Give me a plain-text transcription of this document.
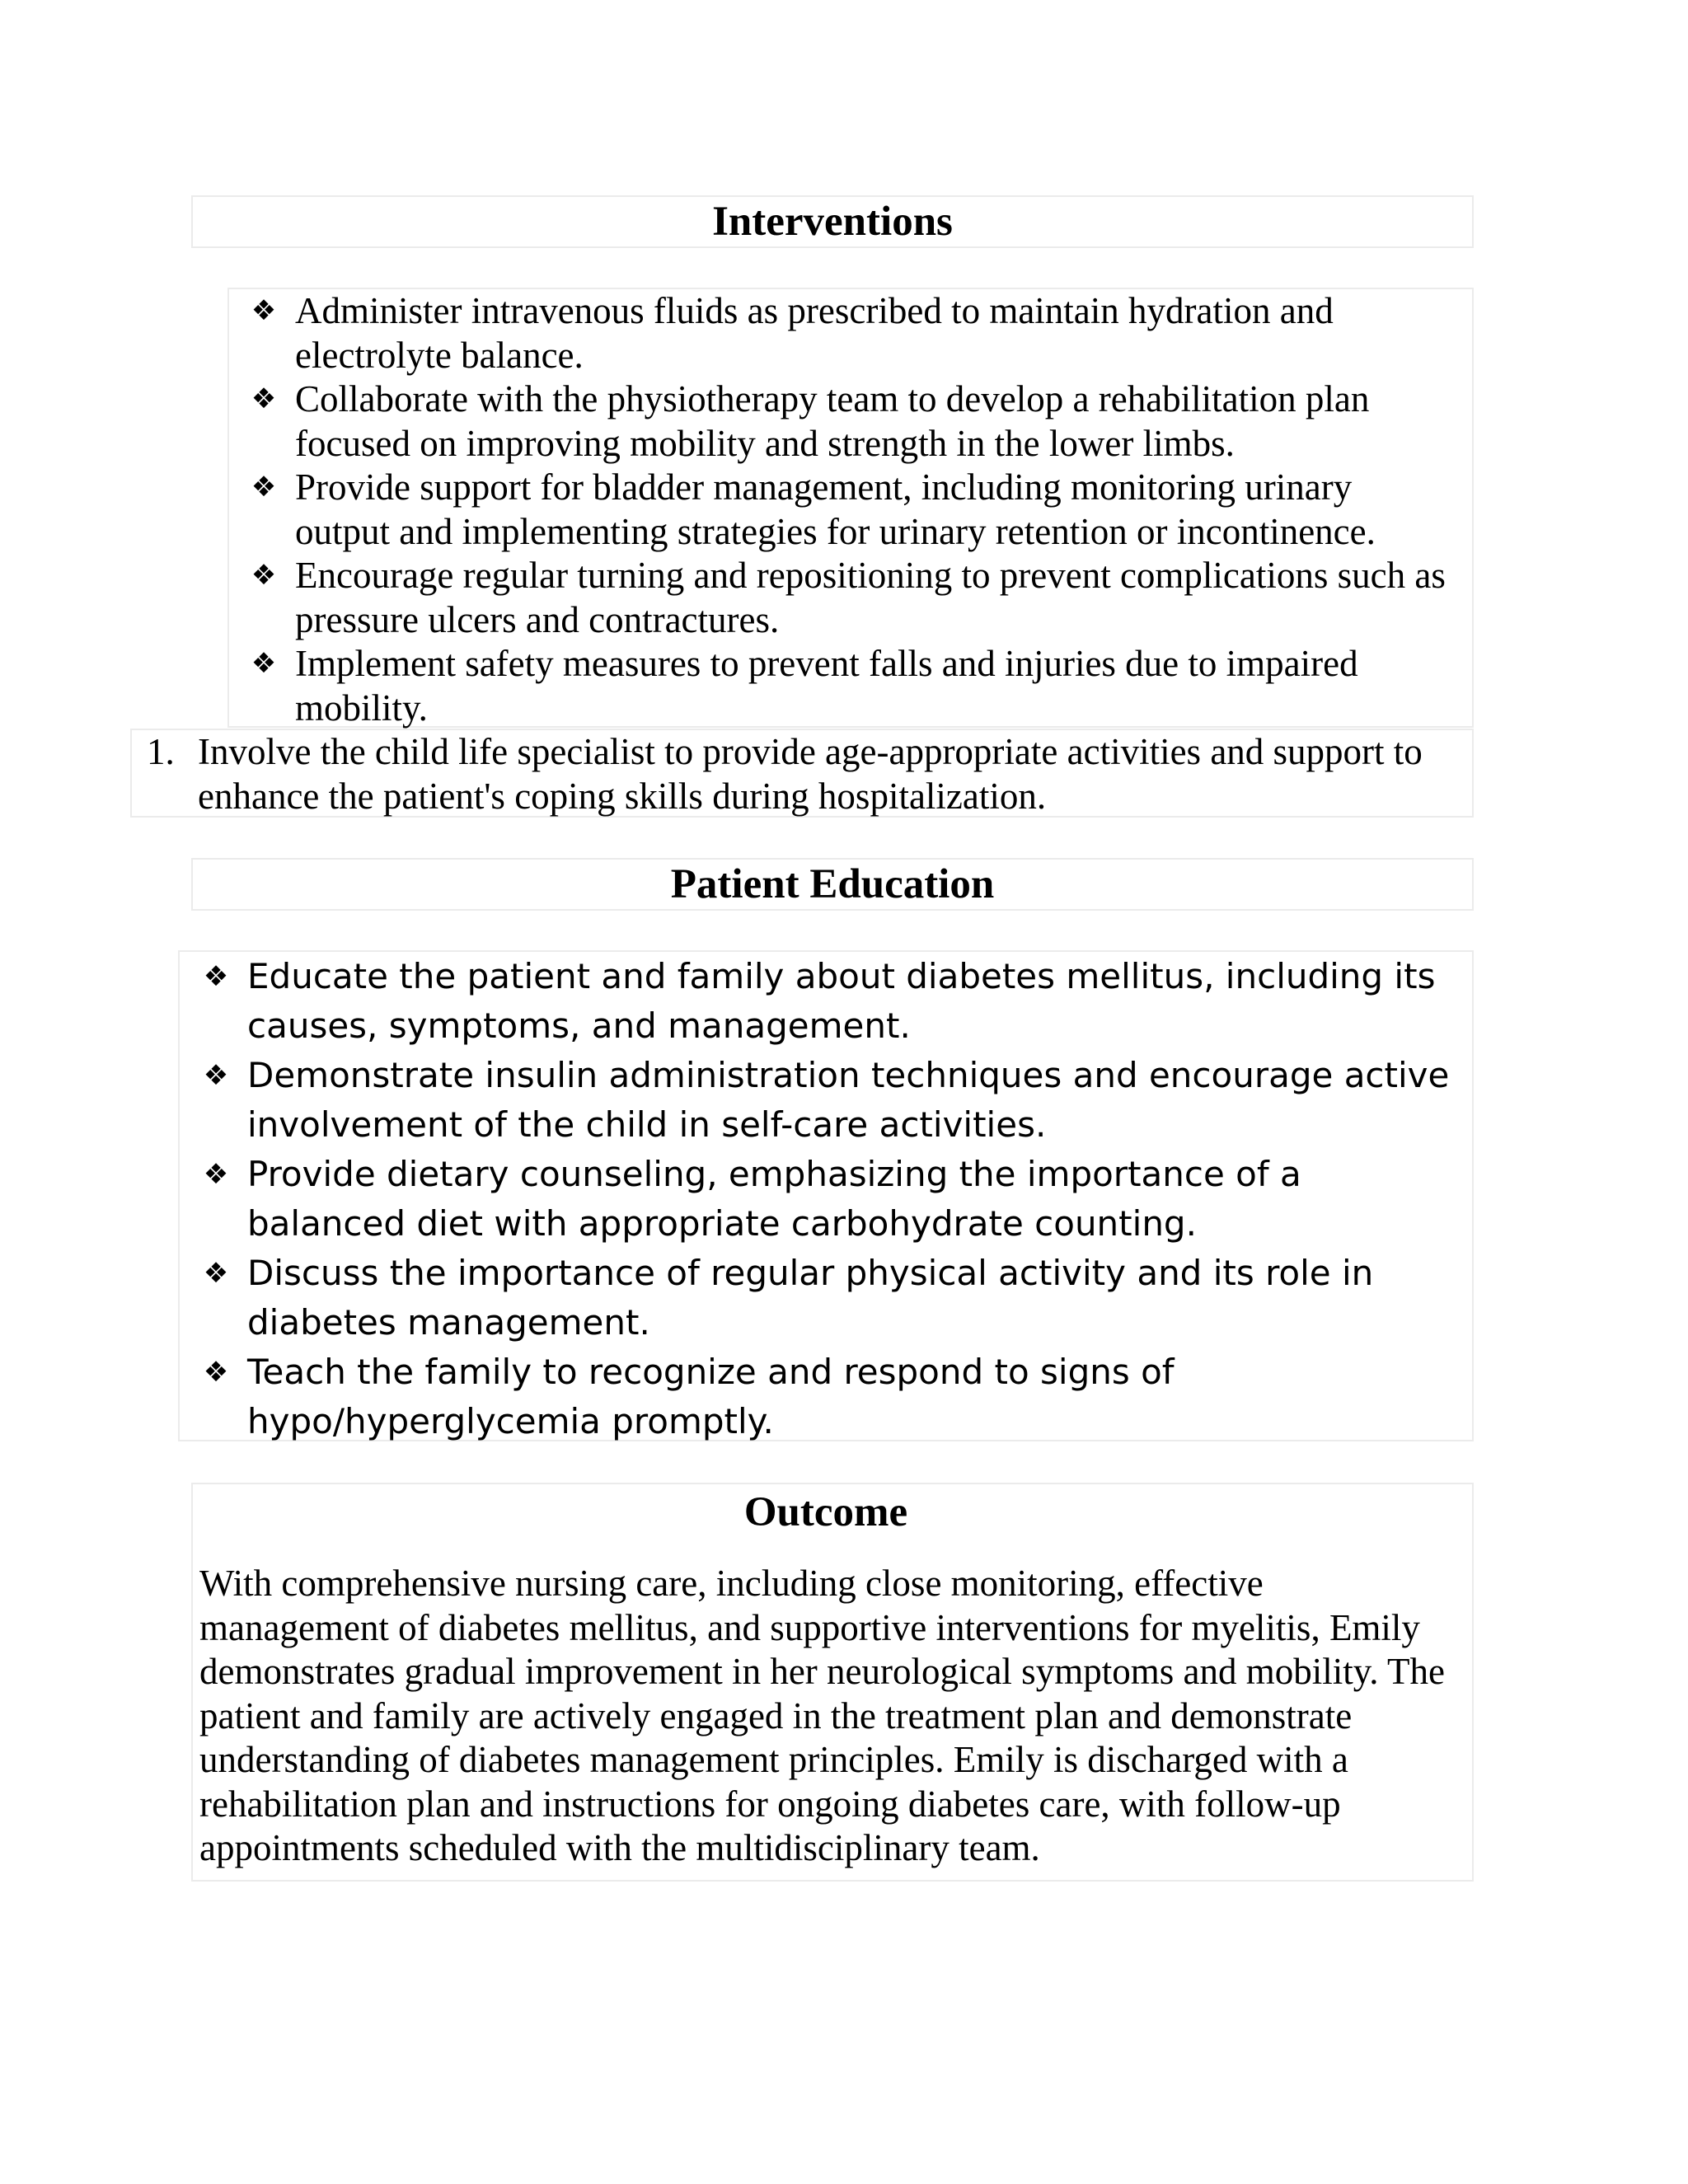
Interventions
❖ Administer intravenous fluids as prescribed to maintain hydration and electrolyte balance.
❖ Collaborate with the physiotherapy team to develop a rehabilitation plan focused on improving mobility and strength in the lower limbs.
❖ Provide support for bladder management, including monitoring urinary output and implementing strategies for urinary retention or incontinence.
❖ Encourage regular turning and repositioning to prevent complications such as pressure ulcers and contractures.
❖ Implement safety measures to prevent falls and injuries due to impaired mobility.
1. Involve the child life specialist to provide age-appropriate activities and support to enhance the patient's coping skills during hospitalization.
Patient Education
❖ Educate the patient and family about diabetes mellitus, including its causes, symptoms, and management.
❖ Demonstrate insulin administration techniques and encourage active involvement of the child in self-care activities.
❖ Provide dietary counseling, emphasizing the importance of a balanced diet with appropriate carbohydrate counting.
❖ Discuss the importance of regular physical activity and its role in diabetes management.
❖ Teach the family to recognize and respond to signs of hypo/hyperglycemia promptly.
Outcome

With comprehensive nursing care, including close monitoring, effective management of diabetes mellitus, and supportive interventions for myelitis, Emily demonstrates gradual improvement in her neurological symptoms and mobility. The patient and family are actively engaged in the treatment plan and demonstrate understanding of diabetes management principles. Emily is discharged with a rehabilitation plan and instructions for ongoing diabetes care, with follow-up appointments scheduled with the multidisciplinary team.
